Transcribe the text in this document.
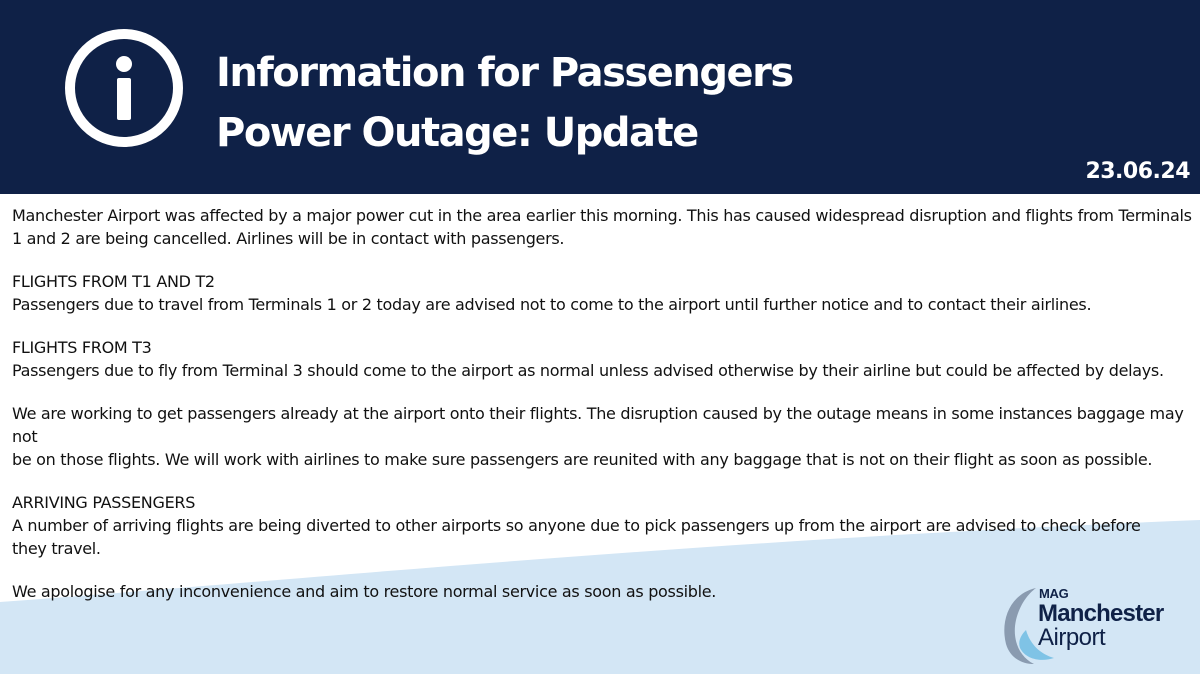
Information for Passengers
Power Outage: Update
23.06.24

Manchester Airport was affected by a major power cut in the area earlier this morning. This has caused widespread disruption and flights from Terminals

1 and 2 are being cancelled. Airlines will be in contact with passengers.

FLIGHTS FROM T1 AND T2

Passengers due to travel from Terminals 1 or 2 today are advised not to come to the airport until further notice and to contact their airlines.

FLIGHTS FROM T3

Passengers due to fly from Terminal 3 should come to the airport as normal unless advised otherwise by their airline but could be affected by delays.

We are working to get passengers already at the airport onto their flights. The disruption caused by the outage means in some instances baggage may not

be on those flights. We will work with airlines to make sure passengers are reunited with any baggage that is not on their flight as soon as possible.

ARRIVING PASSENGERS

A number of arriving flights are being diverted to other airports so anyone due to pick passengers up from the airport are advised to check before

they travel.

We apologise for any inconvenience and aim to restore normal service as soon as possible.	MAG
Manchester
Airport
